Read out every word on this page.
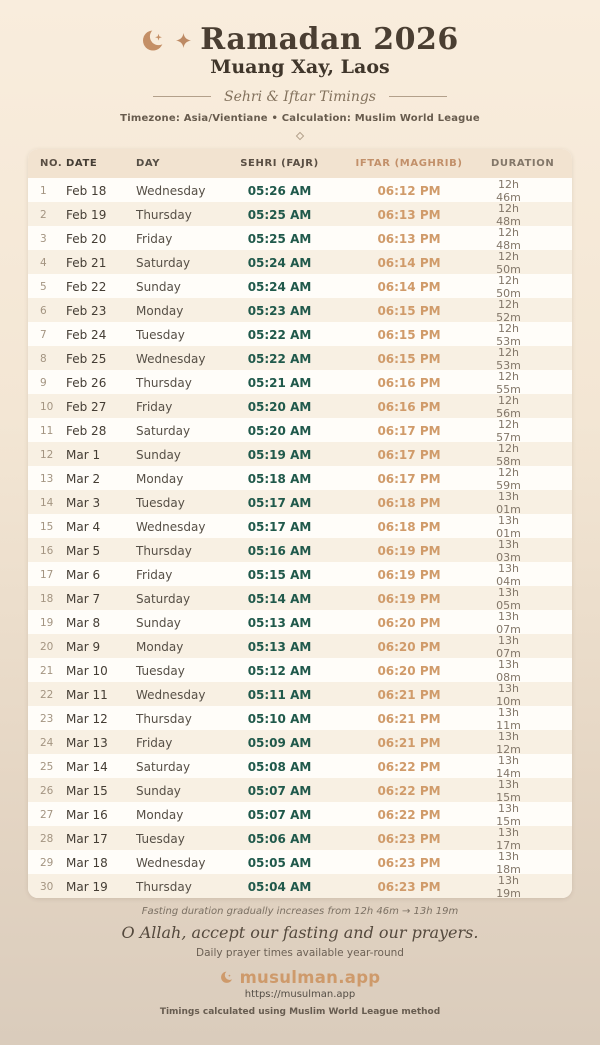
Ramadan 2026
Muang Xay, Laos
Sehri & Iftar Timings
Timezone: Asia/Vientiane • Calculation: Muslim World League
NO. DATE	DAY	SEHRI (FAJR)	IFTAR (MAGHRIB)	DURATION
1	Feb 18	Wednesday	05:26 AM	06:12 PM	12h 46m
2	Feb 19	Thursday	05:25 AM	06:13 PM	12h 48m
3	Feb 20	Friday	05:25 AM	06:13 PM	12h 48m
4	Feb 21	Saturday	05:24 AM	06:14 PM	12h 50m
5	Feb 22	Sunday	05:24 AM	06:14 PM	12h 50m
6	Feb 23	Monday	05:23 AM	06:15 PM	12h 52m
7	Feb 24	Tuesday	05:22 AM	06:15 PM	12h 53m
8	Feb 25	Wednesday	05:22 AM	06:15 PM	12h 53m
9	Feb 26	Thursday	05:21 AM	06:16 PM	12h 55m
10	Feb 27	Friday	05:20 AM	06:16 PM	12h 56m
11	Feb 28	Saturday	05:20 AM	06:17 PM	12h 57m
12	Mar 1	Sunday	05:19 AM	06:17 PM	12h 58m
13	Mar 2	Monday	05:18 AM	06:17 PM	12h 59m
14	Mar 3	Tuesday	05:17 AM	06:18 PM	13h 01m
15	Mar 4	Wednesday	05:17 AM	06:18 PM	13h 01m
16	Mar 5	Thursday	05:16 AM	06:19 PM	13h 03m
17	Mar 6	Friday	05:15 AM	06:19 PM	13h 04m
18	Mar 7	Saturday	05:14 AM	06:19 PM	13h 05m
19	Mar 8	Sunday	05:13 AM	06:20 PM	13h 07m
20	Mar 9	Monday	05:13 AM	06:20 PM	13h 07m
21	Mar 10	Tuesday	05:12 AM	06:20 PM	13h 08m
22	Mar 11	Wednesday	05:11 AM	06:21 PM	13h 10m
23	Mar 12	Thursday	05:10 AM	06:21 PM	13h 11m
24	Mar 13	Friday	05:09 AM	06:21 PM	13h 12m
25	Mar 14	Saturday	05:08 AM	06:22 PM	13h 14m
26	Mar 15	Sunday	05:07 AM	06:22 PM	13h 15m
27	Mar 16	Monday	05:07 AM	06:22 PM	13h 15m
28	Mar 17	Tuesday	05:06 AM	06:23 PM	13h 17m
29	Mar 18	Wednesday	05:05 AM	06:23 PM	13h 18m
30	Mar 19	Thursday	05:04 AM	06:23 PM	13h 19m
Fasting duration gradually increases from 12h 46m → 13h 19m
O Allah, accept our fasting and our prayers.
Daily prayer times available year-round
musulman.app
https://musulman.app
Timings calculated using Muslim World League method
